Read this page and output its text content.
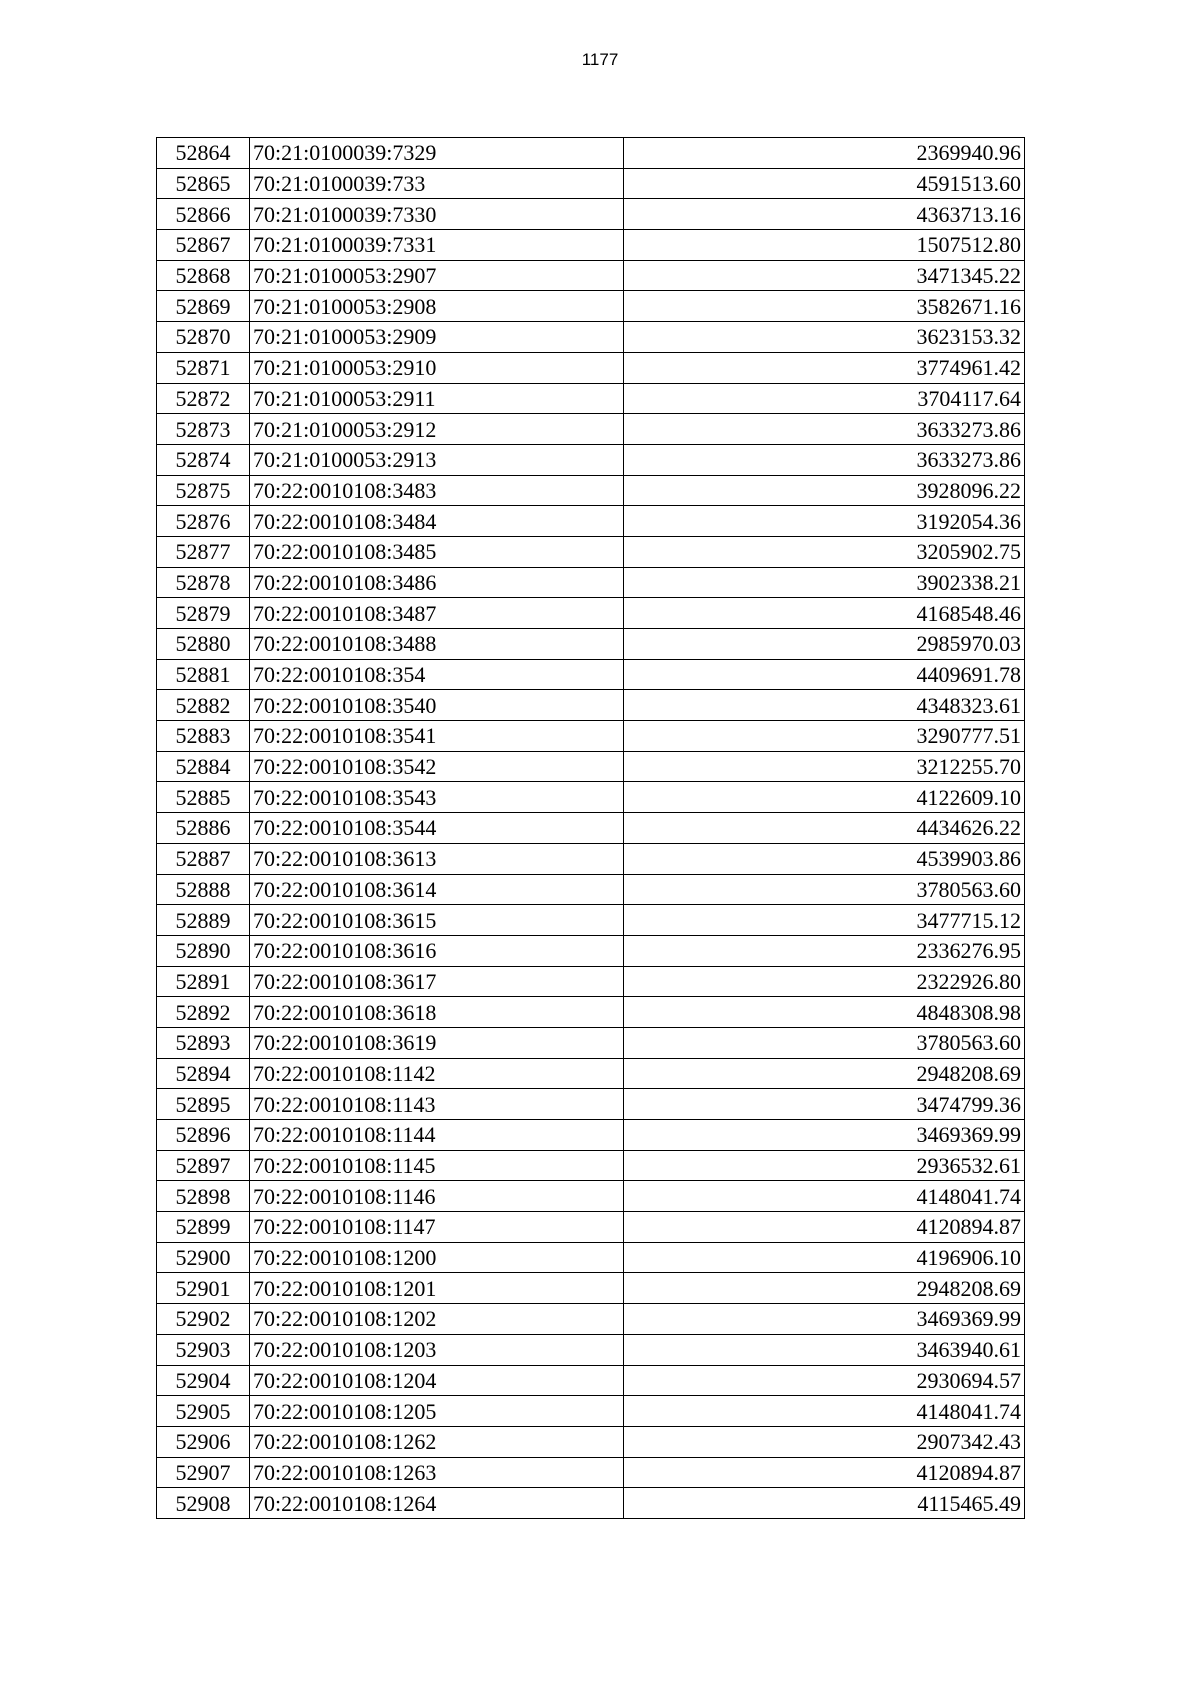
1177
52864	70:21:0100039:7329	2369940.96
52865	70:21:0100039:733	4591513.60
52866	70:21:0100039:7330	4363713.16
52867	70:21:0100039:7331	1507512.80
52868	70:21:0100053:2907	3471345.22
52869	70:21:0100053:2908	3582671.16
52870	70:21:0100053:2909	3623153.32
52871	70:21:0100053:2910	3774961.42
52872	70:21:0100053:2911	3704117.64
52873	70:21:0100053:2912	3633273.86
52874	70:21:0100053:2913	3633273.86
52875	70:22:0010108:3483	3928096.22
52876	70:22:0010108:3484	3192054.36
52877	70:22:0010108:3485	3205902.75
52878	70:22:0010108:3486	3902338.21
52879	70:22:0010108:3487	4168548.46
52880	70:22:0010108:3488	2985970.03
52881	70:22:0010108:354	4409691.78
52882	70:22:0010108:3540	4348323.61
52883	70:22:0010108:3541	3290777.51
52884	70:22:0010108:3542	3212255.70
52885	70:22:0010108:3543	4122609.10
52886	70:22:0010108:3544	4434626.22
52887	70:22:0010108:3613	4539903.86
52888	70:22:0010108:3614	3780563.60
52889	70:22:0010108:3615	3477715.12
52890	70:22:0010108:3616	2336276.95
52891	70:22:0010108:3617	2322926.80
52892	70:22:0010108:3618	4848308.98
52893	70:22:0010108:3619	3780563.60
52894	70:22:0010108:1142	2948208.69
52895	70:22:0010108:1143	3474799.36
52896	70:22:0010108:1144	3469369.99
52897	70:22:0010108:1145	2936532.61
52898	70:22:0010108:1146	4148041.74
52899	70:22:0010108:1147	4120894.87
52900	70:22:0010108:1200	4196906.10
52901	70:22:0010108:1201	2948208.69
52902	70:22:0010108:1202	3469369.99
52903	70:22:0010108:1203	3463940.61
52904	70:22:0010108:1204	2930694.57
52905	70:22:0010108:1205	4148041.74
52906	70:22:0010108:1262	2907342.43
52907	70:22:0010108:1263	4120894.87
52908	70:22:0010108:1264	4115465.49
